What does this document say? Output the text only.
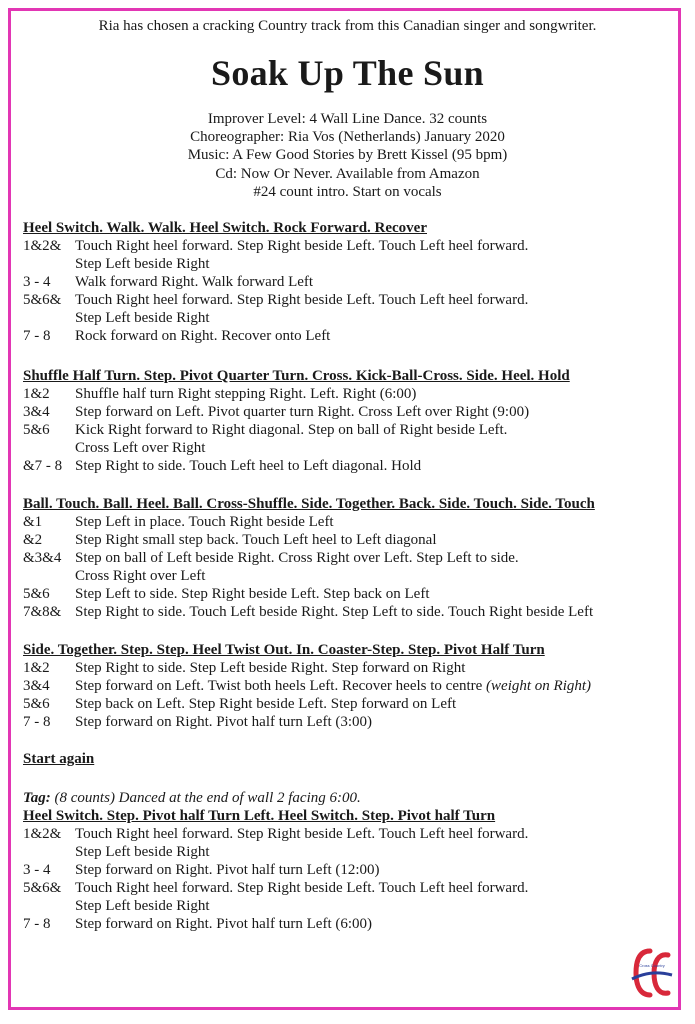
Ria has chosen a cracking Country track from this Canadian singer and songwriter.
Soak Up The Sun
Improver Level: 4 Wall Line Dance. 32 counts
Choreographer: Ria Vos (Netherlands) January 2020
Music: A Few Good Stories by Brett Kissel (95 bpm)
Cd: Now Or Never. Available from Amazon
#24 count intro. Start on vocals
Heel Switch. Walk. Walk. Heel Switch. Rock Forward. Recover
1&2& Touch Right heel forward. Step Right beside Left. Touch Left heel forward.
Step Left beside Right
3 - 4	Walk forward Right. Walk forward Left
5&6& Touch Right heel forward. Step Right beside Left. Touch Left heel forward.
Step Left beside Right
7 - 8	Rock forward on Right. Recover onto Left
Shuffle Half Turn. Step. Pivot Quarter Turn. Cross. Kick-Ball-Cross. Side. Heel. Hold
1&2	Shuffle half turn Right stepping Right. Left. Right (6:00)
3&4	Step forward on Left. Pivot quarter turn Right. Cross Left over Right (9:00)
5&6	Kick Right forward to Right diagonal. Step on ball of Right beside Left.
Cross Left over Right
&7 - 8 Step Right to side. Touch Left heel to Left diagonal. Hold
Ball. Touch. Ball. Heel. Ball. Cross-Shuffle. Side. Together. Back. Side. Touch. Side. Touch
&1	Step Left in place. Touch Right beside Left
&2	Step Right small step back. Touch Left heel to Left diagonal
&3&4 Step on ball of Left beside Right. Cross Right over Left. Step Left to side.
Cross Right over Left
5&6	Step Left to side. Step Right beside Left. Step back on Left
7&8& Step Right to side. Touch Left beside Right. Step Left to side. Touch Right beside Left
Side. Together. Step. Step. Heel Twist Out. In. Coaster-Step. Step. Pivot Half Turn
1&2	Step Right to side. Step Left beside Right. Step forward on Right
3&4	Step forward on Left. Twist both heels Left. Recover heels to centre (weight on Right)
5&6	Step back on Left. Step Right beside Left. Step forward on Left
7 - 8	Step forward on Right. Pivot half turn Left (3:00)
Start again
Tag: (8 counts) Danced at the end of wall 2 facing 6:00.
Heel Switch. Step. Pivot half Turn Left. Heel Switch. Step. Pivot half Turn
1&2& Touch Right heel forward. Step Right beside Left. Touch Left heel forward.
Step Left beside Right
3 - 4	Step forward on Right. Pivot half turn Left (12:00)
5&6& Touch Right heel forward. Step Right beside Left. Touch Left heel forward.
Step Left beside Right
7 - 8	Step forward on Right. Pivot half turn Left (6:00)
Cross Country
